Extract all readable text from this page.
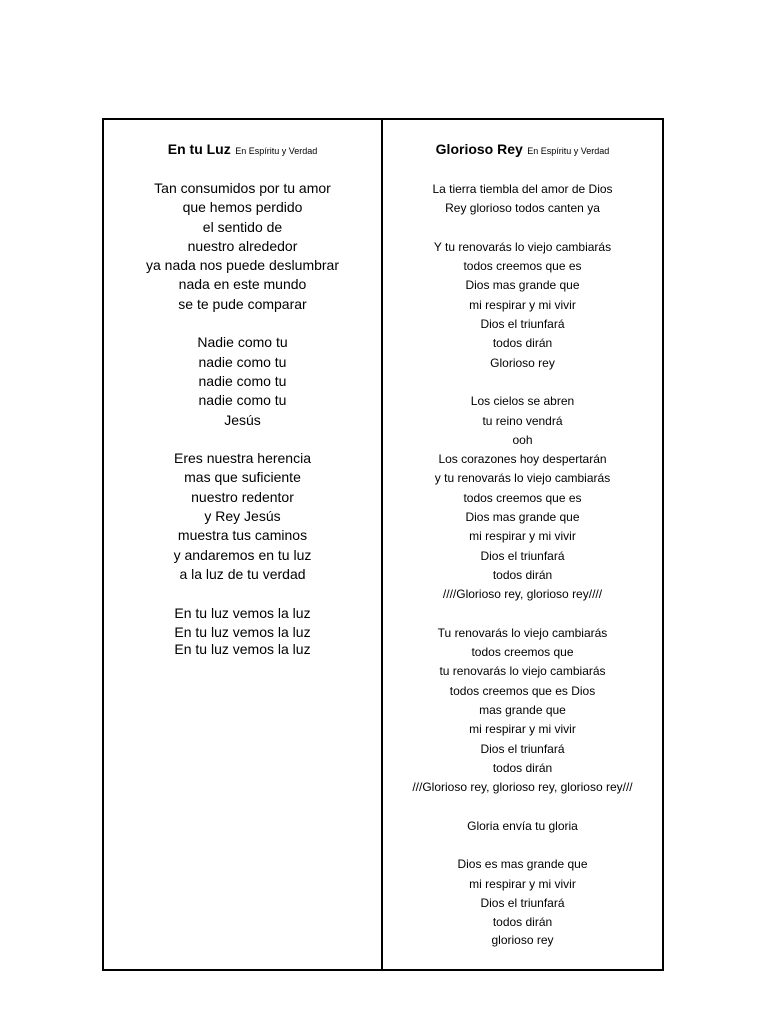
En tu Luz En Espíritu y Verdad
Tan consumidos por tu amor
que hemos perdido
el sentido de
nuestro alrededor
ya nada nos puede deslumbrar
nada en este mundo
se te pude comparar
Nadie como tu
nadie como tu
nadie como tu
nadie como tu
Jesús
Eres nuestra herencia
mas que suficiente
nuestro redentor
y Rey Jesús
muestra tus caminos
y andaremos en tu luz
a la luz de tu verdad
En tu luz vemos la luz
En tu luz vemos la luz
En tu luz vemos la luz
Glorioso Rey En Espíritu y Verdad
La tierra tiembla del amor de Dios
Rey glorioso todos canten ya
Y tu renovarás lo viejo cambiarás
todos creemos que es
Dios mas grande que
mi respirar y mi vivir
Dios el triunfará
todos dirán
Glorioso rey
Los cielos se abren
tu reino vendrá
ooh
Los corazones hoy despertarán
y tu renovarás lo viejo cambiarás
todos creemos que es
Dios mas grande que
mi respirar y mi vivir
Dios el triunfará
todos dirán
////Glorioso rey, glorioso rey////
Tu renovarás lo viejo cambiarás
todos creemos que
tu renovarás lo viejo cambiarás
todos creemos que es Dios
mas grande que
mi respirar y mi vivir
Dios el triunfará
todos dirán
///Glorioso rey, glorioso rey, glorioso rey///
Gloria envía tu gloria
Dios es mas grande que
mi respirar y mi vivir
Dios el triunfará
todos dirán
glorioso rey
